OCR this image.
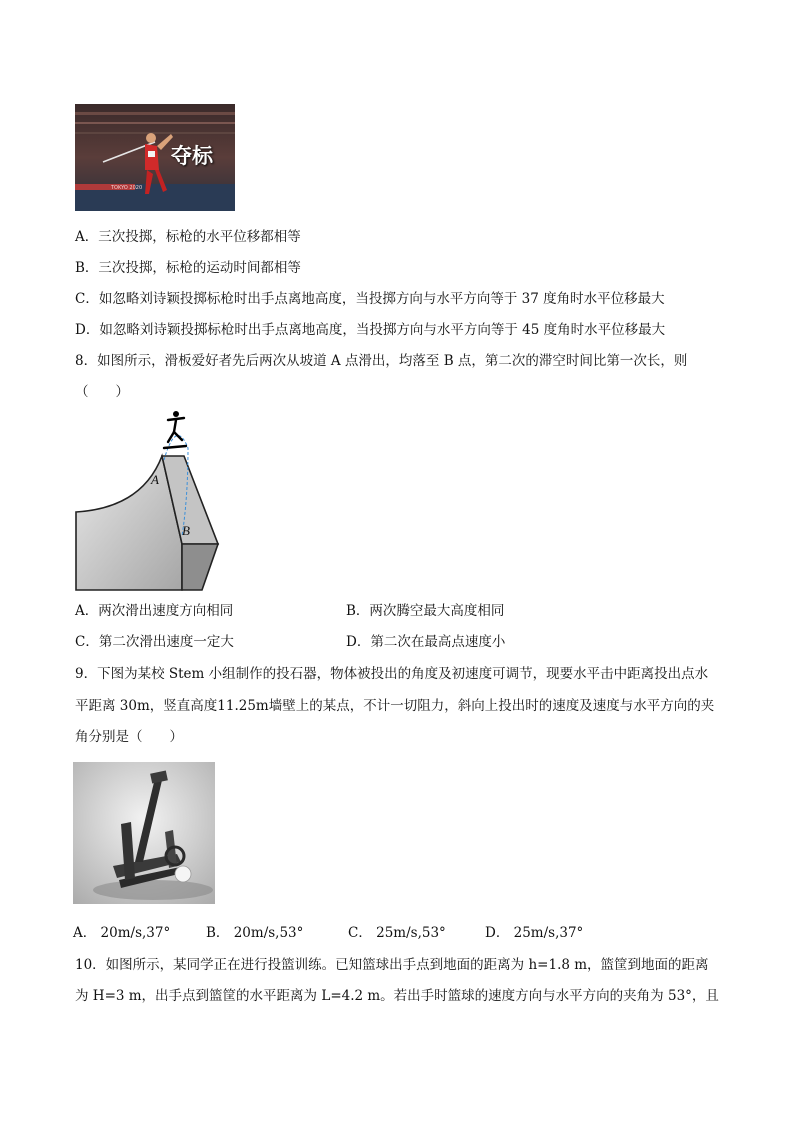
夺标
TOKYO 2020
A．三次投掷，标枪的水平位移都相等
B．三次投掷，标枪的运动时间都相等
C．如忽略刘诗颖投掷标枪时出手点离地高度，当投掷方向与水平方向等于 37 度角时水平位移最大
D．如忽略刘诗颖投掷标枪时出手点离地高度，当投掷方向与水平方向等于 45 度角时水平位移最大
8．如图所示，滑板爱好者先后两次从坡道 A 点滑出，均落至 B 点，第二次的滞空时间比第一次长，则
（　　）
A
B
A．两次滑出速度方向相同	B．两次腾空最大高度相同
C．第二次滑出速度一定大	D．第二次在最高点速度小
9．下图为某校 Stem 小组制作的投石器，物体被投出的角度及初速度可调节，现要水平击中距离投出点水
平距离 30m，竖直高度11.25m墙壁上的某点，不计一切阻力，斜向上投出时的速度及速度与水平方向的夹
角分别是（　　）
A． 20m/s,37°	B． 20m/s,53°	C． 25m/s,53°	D． 25m/s,37°
10．如图所示，某同学正在进行投篮训练。已知篮球出手点到地面的距离为 h=1.8 m，篮筐到地面的距离
为 H=3 m，出手点到篮筐的水平距离为 L=4.2 m。若出手时篮球的速度方向与水平方向的夹角为 53°，且
